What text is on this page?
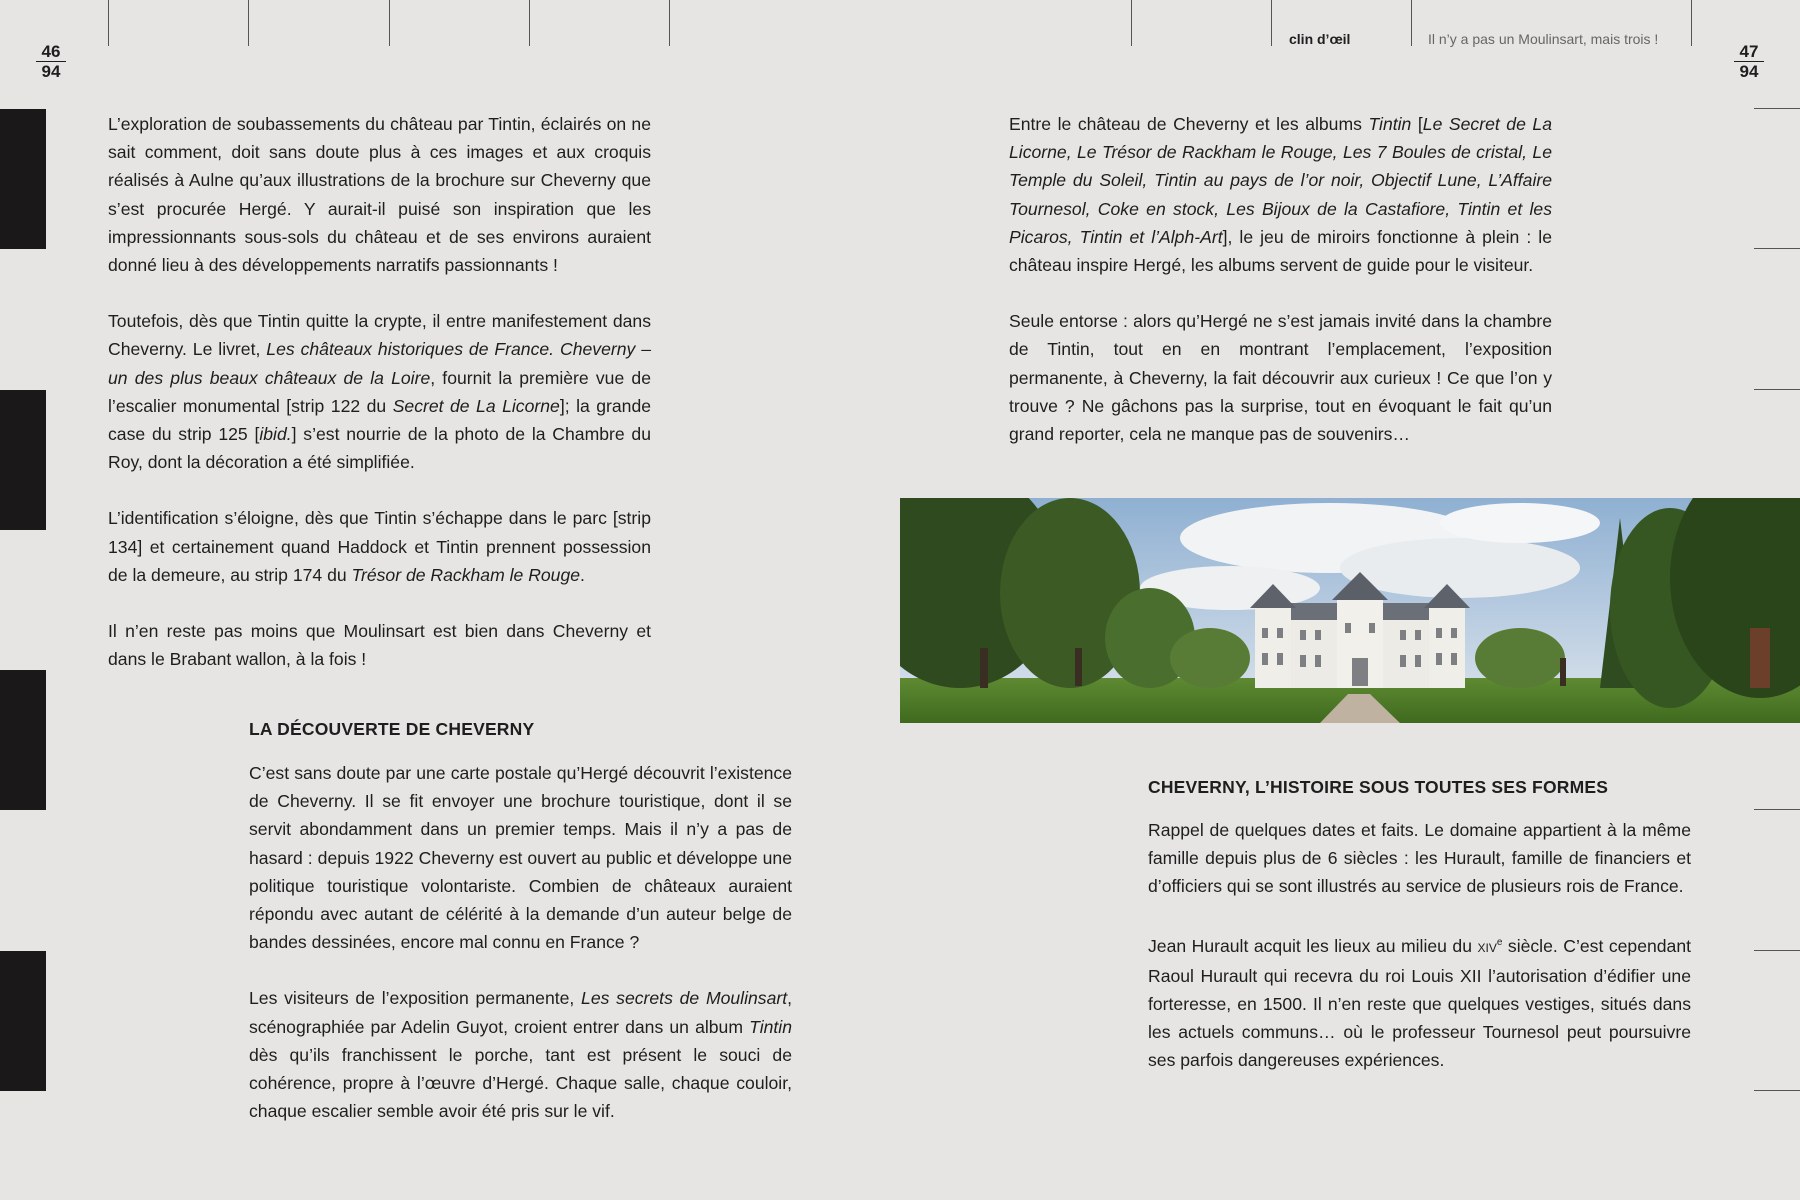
clin d’œil	Il n’y a pas un Moulinsart, mais trois !
46
94
47
94

L’exploration de soubassements du château par Tintin, éclairés on ne sait comment, doit sans doute plus à ces images et aux croquis réalisés à Aulne qu’aux illustrations de la brochure sur Cheverny que s’est procurée Hergé. Y aurait-il puisé son inspiration que les impressionnants sous-sols du château et de ses environs auraient donné lieu à des développements narratifs passionnants !

Toutefois, dès que Tintin quitte la crypte, il entre manifestement dans Cheverny. Le livret, Les châteaux historiques de France. Cheverny – un des plus beaux châteaux de la Loire, fournit la première vue de l’escalier monumental [strip 122 du Secret de La Licorne]; la grande case du strip 125 [ibid.] s’est nourrie de la photo de la Chambre du Roy, dont la décoration a été simplifiée.

L’identification s’éloigne, dès que Tintin s’échappe dans le parc [strip 134] et certainement quand Haddock et Tintin prennent possession de la demeure, au strip 174 du Trésor de Rackham le Rouge.

Il n’en reste pas moins que Moulinsart est bien dans Cheverny et dans le Brabant wallon, à la fois !

LA DÉCOUVERTE DE CHEVERNY

C’est sans doute par une carte postale qu’Hergé découvrit l’existence de Cheverny. Il se fit envoyer une brochure touristique, dont il se servit abondamment dans un premier temps. Mais il n’y a pas de hasard : depuis 1922 Cheverny est ouvert au public et développe une politique touristique volontariste. Combien de châteaux auraient répondu avec autant de célérité à la demande d’un auteur belge de bandes dessinées, encore mal connu en France ?

Les visiteurs de l’exposition permanente, Les secrets de Moulinsart, scénographiée par Adelin Guyot, croient entrer dans un album Tintin dès qu’ils franchissent le porche, tant est présent le souci de cohérence, propre à l’œuvre d’Hergé. Chaque salle, chaque couloir, chaque escalier semble avoir été pris sur le vif.

Entre le château de Cheverny et les albums Tintin [Le Secret de La Licorne, Le Trésor de Rackham le Rouge, Les 7 Boules de cristal, Le Temple du Soleil, Tintin au pays de l’or noir, Objectif Lune, L’Affaire Tournesol, Coke en stock, Les Bijoux de la Castafiore, Tintin et les Picaros, Tintin et l’Alph-Art], le jeu de miroirs fonctionne à plein : le château inspire Hergé, les albums servent de guide pour le visiteur.

Seule entorse : alors qu’Hergé ne s’est jamais invité dans la chambre de Tintin, tout en en montrant l’emplacement, l’exposition permanente, à Cheverny, la fait découvrir aux curieux ! Ce que l’on y trouve ? Ne gâchons pas la surprise, tout en évoquant le fait qu’un grand reporter, cela ne manque pas de souvenirs…

CHEVERNY, L’HISTOIRE SOUS TOUTES SES FORMES

Rappel de quelques dates et faits. Le domaine appartient à la même famille depuis plus de 6 siècles : les Hurault, famille de financiers et d’officiers qui se sont illustrés au service de plusieurs rois de France.

Jean Hurault acquit les lieux au milieu du XIVe siècle. C’est cependant Raoul Hurault qui recevra du roi Louis XII l’autorisation d’édifier une forteresse, en 1500. Il n’en reste que quelques vestiges, situés dans les actuels communs… où le professeur Tournesol peut poursuivre ses parfois dangereuses expériences.
